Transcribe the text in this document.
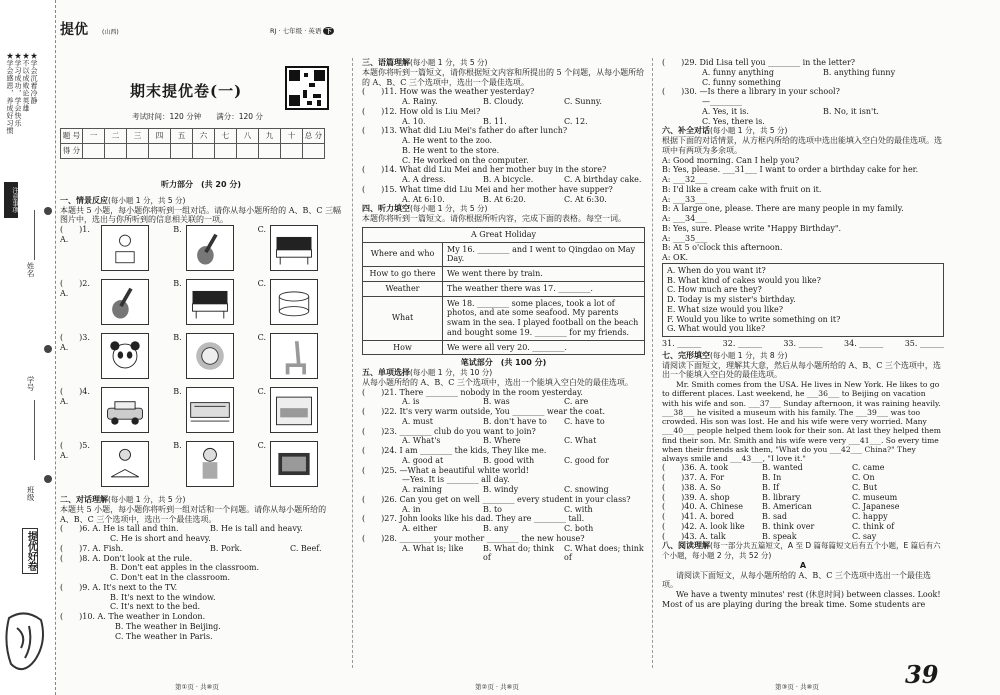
★学会沉着冷静
★不以成败论英雄
★学习成功，学会快乐
★学会感恩，养成好习惯
注意事项
姓名
学号
班级
提优好卷
提优 (山西)	RJ · 七年级 · 英语 下
期末提优卷(一)
考试时间：120 分钟　　 满分：120 分
题 号	一	二	三	四	五	六	七	八	九	十	总 分
得 分											
听力部分　(共 20 分)
一、情景反应(每小题 1 分，共 5 分)
本题共 5 小题，每小题你将听到一组对话。请你从每小题所给的 A、B、C 三幅图片中，选出与你所听到的信息相关联的一项。
(　　)1. A.
B.	C.
(　　)2. A.
B.	C.
(　　)3. A.
B.	C.
(　　)4. A.
B.	C.
(　　)5. A.
B.	C.
二、对话理解(每小题 1 分，共 5 分)
本题共 5 小题，每小题你将听到一组对话和一个问题。请你从每小题所给的 A、B、C 三个选项中，选出一个最佳选项。
(　　)6. A. He is tall and thin.	B. He is tall and heavy.
C. He is short and heavy.
(　　)7. A. Fish.	B. Pork.	C. Beef.
(　　)8. A. Don't look at the rule.
B. Don't eat apples in the classroom.
C. Don't eat in the classroom.
(　　)9. A. It's next to the TV.
B. It's next to the window.
C. It's next to the bed.
(　　)10. A. The weather in London.
B. The weather in Beijing.
C. The weather in Paris.
三、语篇理解(每小题 1 分，共 5 分)
本题你将听到一篇短文，请你根据短文内容和所提出的 5 个问题，从每小题所给的 A、B、C 三个选项中，选出一个最佳选项。
(　　)11. How was the weather yesterday?
A. Rainy.	B. Cloudy.	C. Sunny.
(　　)12. How old is Liu Mei?
A. 10.	B. 11.	C. 12.
(　　)13. What did Liu Mei's father do after lunch?
A. He went to the zoo.
B. He went to the store.
C. He worked on the computer.
(　　)14. What did Liu Mei and her mother buy in the store?
A. A dress.	B. A bicycle.	C. A birthday cake.
(　　)15. What time did Liu Mei and her mother have supper?
A. At 6:10.	B. At 6:20.	C. At 6:30.
四、听力填空(每小题 1 分，共 5 分)
本题你将听到一篇短文。请你根据所听内容，完成下面的表格。每空一词。
A Great Holiday	
Where and who	My 16. ________ and I went to Qingdao on May Day.
How to go there	We went there by train.
Weather	The weather there was 17. ________.
What	We 18. ________ some places, took a lot of photos, and ate some seafood. My parents swam in the sea. I played football on the beach and bought some 19. ________ for my friends.
How	We were all very 20. ________.
笔试部分　(共 100 分)
五、单项选择(每小题 1 分，共 10 分)
从每小题所给的 A、B、C 三个选项中，选出一个能填入空白处的最佳选项。
(　　)21. There ________ nobody in the room yesterday.
A. is	B. was	C. are
(　　)22. It's very warm outside, You ________ wear the coat.
A. must	B. don't have to	C. have to
(　　)23. ________ club do you want to join?
A. What's	B. Where	C. What
(　　)24. I am ________ the kids, They like me.
A. good at	B. good with	C. good for
(　　)25. —What a beautiful white world!
—Yes. It is ________ all day.
A. raining	B. windy	C. snowing
(　　)26. Can you get on well ________ every student in your class?
A. in	B. to	C. with
(　　)27. John looks like his dad. They are ________ tall.
A. either	B. any	C. both
(　　)28. ________ your mother ________ the new house?
A. What is; like	B. What do; think of
C. What does; think of
(　　)29. Did Lisa tell you ________ in the letter?
A. funny anything	B. anything funny
C. funny something
(　　)30. —Is there a library in your school?
—________
A. Yes, it is.	B. No, it isn't.
C. Yes, there is.
六、补全对话(每小题 1 分，共 5 分)
根据下面的对话情景，从方框内所给的选项中选出能填入空白处的最佳选项。选项中有两项为多余项。
A: Good morning. Can I help you?
B: Yes, please. ___31___ I want to order a birthday cake for her.
A: ___32___
B: I'd like a cream cake with fruit on it.
A: ___33___
B: A large one, please. There are many people in my family.
A: ___34___
B: Yes, sure. Please write "Happy Birthday".
A: ___35___
B: At 5 o'clock this afternoon.
A: OK.
A. When do you want it?
B. What kind of cakes would you like?
C. How much are they?
D. Today is my sister's birthday.
E. What size would you like?
F. Would you like to write something on it?
G. What would you like?
31. ______	32. ______	33. ______	34. ______	35. ______
七、完形填空(每小题 1 分，共 8 分)
请阅读下面短文，理解其大意，然后从每小题所给的 A、B、C 三个选项中，选出一个能填入空白处的最佳选项。
Mr. Smith comes from the USA. He lives in New York. He likes to go to different places. Last weekend, he ___36___ to Beijing on vacation with his wife and son. ___37___ Sunday afternoon, it was raining heavily. ___38___ he visited a museum with his family. The ___39___ was too crowded. His son was lost. He and his wife were very worried. Many ___40___ people helped them look for their son. At last they helped them find their son. Mr. Smith and his wife were very ___41___. So every time when their friends ask them, "What do you ___42___ China?" They always smile and ___43___, "I love it."
(　　)36. A. took	B. wanted	C. came
(　　)37. A. For	B. In	C. On
(　　)38. A. So	B. If	C. But
(　　)39. A. shop	B. library	C. museum
(　　)40. A. Chinese	B. American	C. Japanese
(　　)41. A. bored	B. sad	C. happy
(　　)42. A. look like	B. think over	C. think of
(　　)43. A. talk	B. speak	C. say
八、阅读理解(每一部分共五篇短文，A 至 D 篇每篇短文后有五个小题，E 篇后有六个小题，每小题 2 分，共 52 分)
A
请阅读下面短文，从每小题所给的 A、B、C 三个选项中选出一个最佳选项。
We have a twenty minutes' rest (休息时间) between classes. Look! Most of us are playing during the break time. Some students are
第①页 · 共⑧页	第②页 · 共⑧页	第③页 · 共⑧页	39
